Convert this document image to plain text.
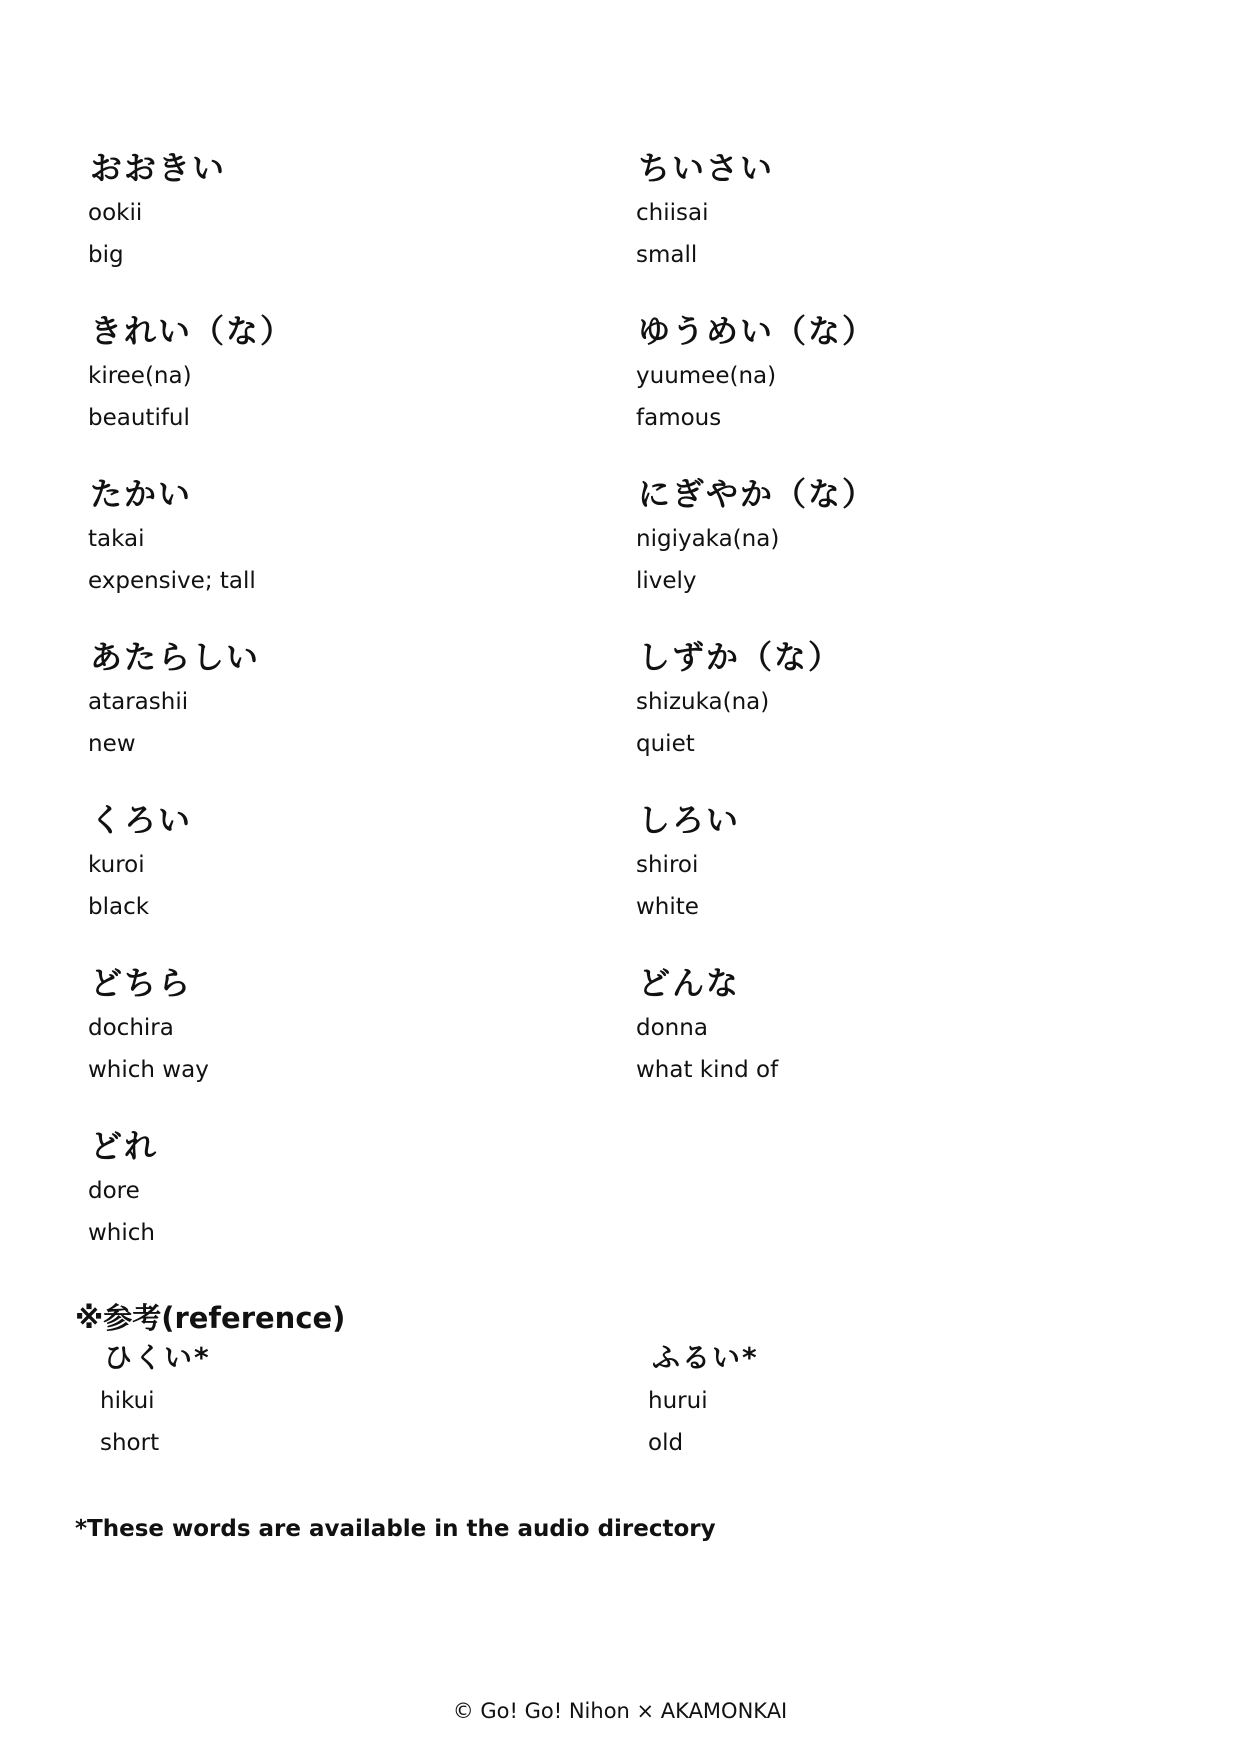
おおきい
ookii
big
きれい（な）
kiree(na)
beautiful
たかい
takai
expensive; tall
あたらしい
atarashii
new
くろい
kuroi
black
どちら
dochira
which way
どれ
dore
which
ちいさい
chiisai
small
ゆうめい（な）
yuumee(na)
famous
にぎやか（な）
nigiyaka(na)
lively
しずか（な）
shizuka(na)
quiet
しろい
shiroi
white
どんな
donna
what kind of
※参考(reference)
ひくい*
hikui
short
ふるい*
hurui
old
*These words are available in the audio directory
© Go! Go! Nihon × AKAMONKAI
